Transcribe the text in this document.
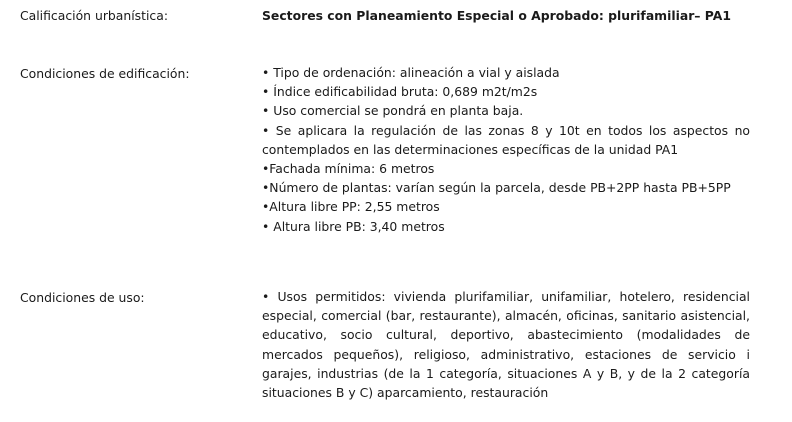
Calificación urbanística:	Sectores con Planeamiento Especial o Aprobado: plurifamiliar– PA1
Condiciones de edificación:	• Tipo de ordenación: alineación a vial y aislada
• Índice edificabilidad bruta: 0,689 m2t/m2s
• Uso comercial se pondrá en planta baja.
• Se aplicara la regulación de las zonas 8 y 10t en todos los aspectos no contemplados en las determinaciones específicas de la unidad PA1
•Fachada mínima: 6 metros
•Número de plantas: varían según la parcela, desde PB+2PP hasta PB+5PP
•Altura libre PP: 2,55 metros
• Altura libre PB: 3,40 metros
Condiciones de uso:	• Usos permitidos: vivienda plurifamiliar, unifamiliar, hotelero, residencial especial, comercial (bar, restaurante), almacén, oficinas, sanitario asistencial, educativo, socio cultural, deportivo, abastecimiento (modalidades de mercados pequeños), religioso, administrativo, estaciones de servicio i garajes, industrias (de la 1 categoría, situaciones A y B, y de la 2 categoría situaciones B y C) aparcamiento, restauración
